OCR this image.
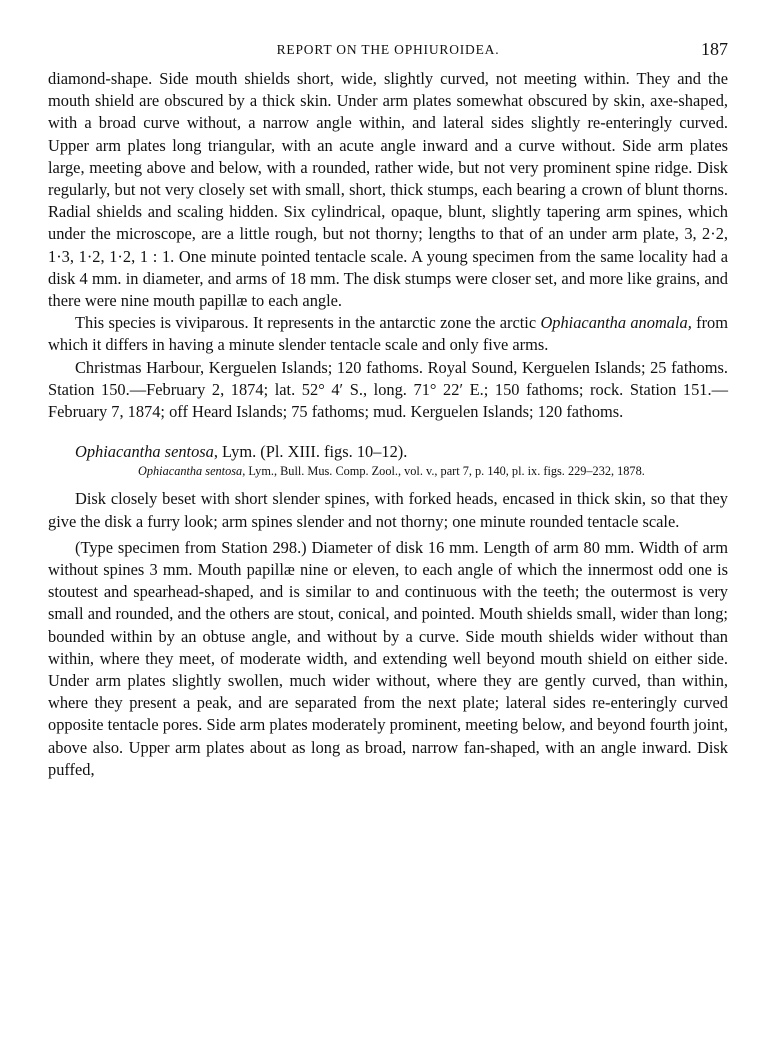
REPORT ON THE OPHIUROIDEA.	187

diamond-shape. Side mouth shields short, wide, slightly curved, not meeting within. They and the mouth shield are obscured by a thick skin. Under arm plates somewhat obscured by skin, axe-shaped, with a broad curve without, a narrow angle within, and lateral sides slightly re-enteringly curved. Upper arm plates long triangular, with an acute angle inward and a curve without. Side arm plates large, meeting above and below, with a rounded, rather wide, but not very prominent spine ridge. Disk regularly, but not very closely set with small, short, thick stumps, each bearing a crown of blunt thorns. Radial shields and scaling hidden. Six cylindrical, opaque, blunt, slightly tapering arm spines, which under the microscope, are a little rough, but not thorny; lengths to that of an under arm plate, 3, 2·2, 1·3, 1·2, 1·2, 1 : 1. One minute pointed tentacle scale. A young specimen from the same locality had a disk 4 mm. in diameter, and arms of 18 mm. The disk stumps were closer set, and more like grains, and there were nine mouth papillæ to each angle.

This species is viviparous. It represents in the antarctic zone the arctic Ophiacantha anomala, from which it differs in having a minute slender tentacle scale and only five arms.

Christmas Harbour, Kerguelen Islands; 120 fathoms. Royal Sound, Kerguelen Islands; 25 fathoms. Station 150.—February 2, 1874; lat. 52° 4′ S., long. 71° 22′ E.; 150 fathoms; rock. Station 151.—February 7, 1874; off Heard Islands; 75 fathoms; mud. Kerguelen Islands; 120 fathoms.

Ophiacantha sentosa, Lym. (Pl. XIII. figs. 10–12).

Ophiacantha sentosa, Lym., Bull. Mus. Comp. Zool., vol. v., part 7, p. 140, pl. ix. figs. 229–232, 1878.

Disk closely beset with short slender spines, with forked heads, encased in thick skin, so that they give the disk a furry look; arm spines slender and not thorny; one minute rounded tentacle scale.

(Type specimen from Station 298.) Diameter of disk 16 mm. Length of arm 80 mm. Width of arm without spines 3 mm. Mouth papillæ nine or eleven, to each angle of which the innermost odd one is stoutest and spearhead-shaped, and is similar to and continuous with the teeth; the outermost is very small and rounded, and the others are stout, conical, and pointed. Mouth shields small, wider than long; bounded within by an obtuse angle, and without by a curve. Side mouth shields wider without than within, where they meet, of moderate width, and extending well beyond mouth shield on either side. Under arm plates slightly swollen, much wider without, where they are gently curved, than within, where they present a peak, and are separated from the next plate; lateral sides re-enteringly curved opposite tentacle pores. Side arm plates moderately prominent, meeting below, and beyond fourth joint, above also. Upper arm plates about as long as broad, narrow fan-shaped, with an angle inward. Disk puffed,
